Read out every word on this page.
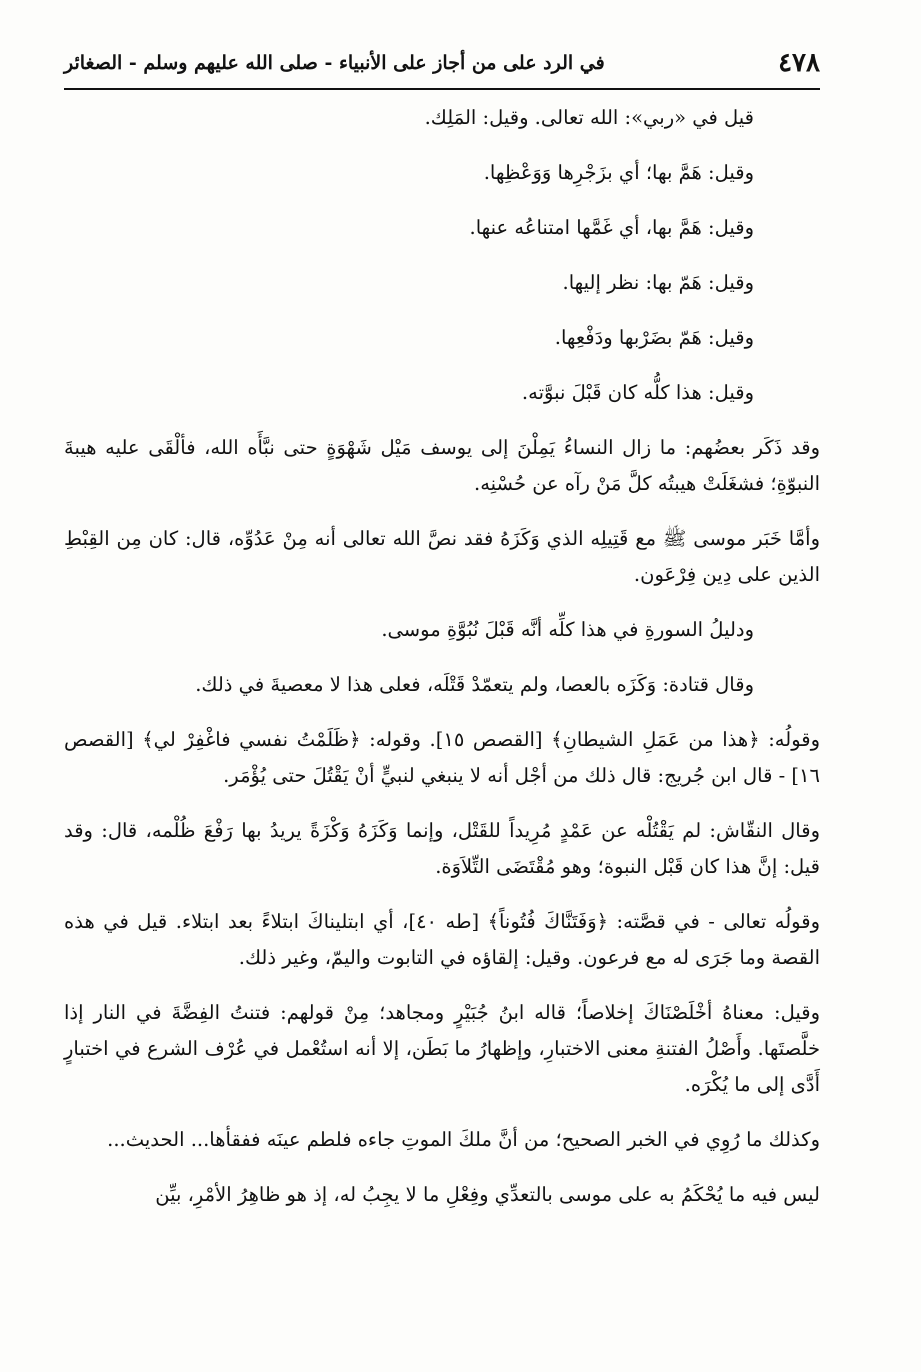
٤٧٨
في الرد على من أجاز على الأنبياء - صلى الله عليهم وسلم - الصغائر

قيل في «ربي»: الله تعالى. وقيل: المَلِك.

وقيل: هَمَّ بها؛ أي بزَجْرِها وَوَعْظِها.

وقيل: هَمَّ بها، أي غَمَّها امتناعُه عنها.

وقيل: هَمّ بها: نظر إليها.

وقيل: هَمّ بضَرْبها ودَفْعِها.

وقيل: هذا كلُّه كان قَبْلَ نبوَّته.

وقد ذَكَر بعضُهم: ما زال النساءُ يَمِلْنَ إلى يوسف مَيْل شَهْوَةٍ حتى نبَّأَه الله، فألْقَى عليه هيبةَ النبوّةِ؛ فشغَلَتْ هيبتُه كلَّ مَنْ رآه عن حُسْنِه.

وأمَّا خَبَر موسى ﷺ مع قَتِيلِه الذي وَكَزَهُ فقد نصَّ الله تعالى أنه مِنْ عَدُوِّه، قال: كان مِن القِبْطِ الذين على دِين فِرْعَون.

ودليلُ السورةِ في هذا كلِّه أنَّه قَبْلَ نُبُوَّةِ موسى.

وقال قتادة: وَكَزَه بالعصا، ولم يتعمّدْ قَتْلَه، فعلى هذا لا معصيةَ في ذلك.

وقولُه: ﴿هذا من عَمَلِ الشيطانِ﴾ [القصص ١٥]. وقوله: ﴿ظَلَمْتُ نفسي فاغْفِرْ لي﴾ [القصص ١٦] - قال ابن جُريج: قال ذلك من أجْل أنه لا ينبغي لنبيٍّ أنْ يَقْتُلَ حتى يُؤْمَر.

وقال النقّاش: لم يَقْتُلْه عن عَمْدٍ مُرِيداً للقَتْل، وإنما وَكَزَهُ وَكْزَةً يريدُ بها رَفْعَ ظُلْمه، قال: وقد قيل: إنَّ هذا كان قَبْل النبوة؛ وهو مُقْتَضَى التِّلاَوَة.

وقولُه تعالى - في قصَّته: ﴿وَفَتَنَّاكَ فُتُوناً﴾ [طه ٤٠]، أي ابتليناكَ ابتلاءً بعد ابتلاء. قيل في هذه القصة وما جَرَى له مع فرعون. وقيل: إلقاؤه في التابوت واليمّ، وغير ذلك.

وقيل: معناهُ أخْلَصْنَاكَ إخلاصاً؛ قاله ابنُ جُبَيْرٍ ومجاهد؛ مِنْ قولهم: فتنتُ الفِضَّةَ في النار إذا خلَّصتَها. وأَصْلُ الفتنةِ معنى الاختبارِ، وإظهارُ ما بَطَن، إلا أنه استُعْمل في عُرْف الشرع في اختبارٍ أَدَّى إلى ما يُكْرَه.

وكذلك ما رُوِي في الخبر الصحيح؛ من أنَّ ملكَ الموتِ جاءه فلطم عينَه ففقأها... الحديث...

ليس فيه ما يُحْكَمُ به على موسى بالتعدِّي وفِعْلِ ما لا يجِبُ له، إذ هو ظاهِرُ الأمْرِ، بيِّن
